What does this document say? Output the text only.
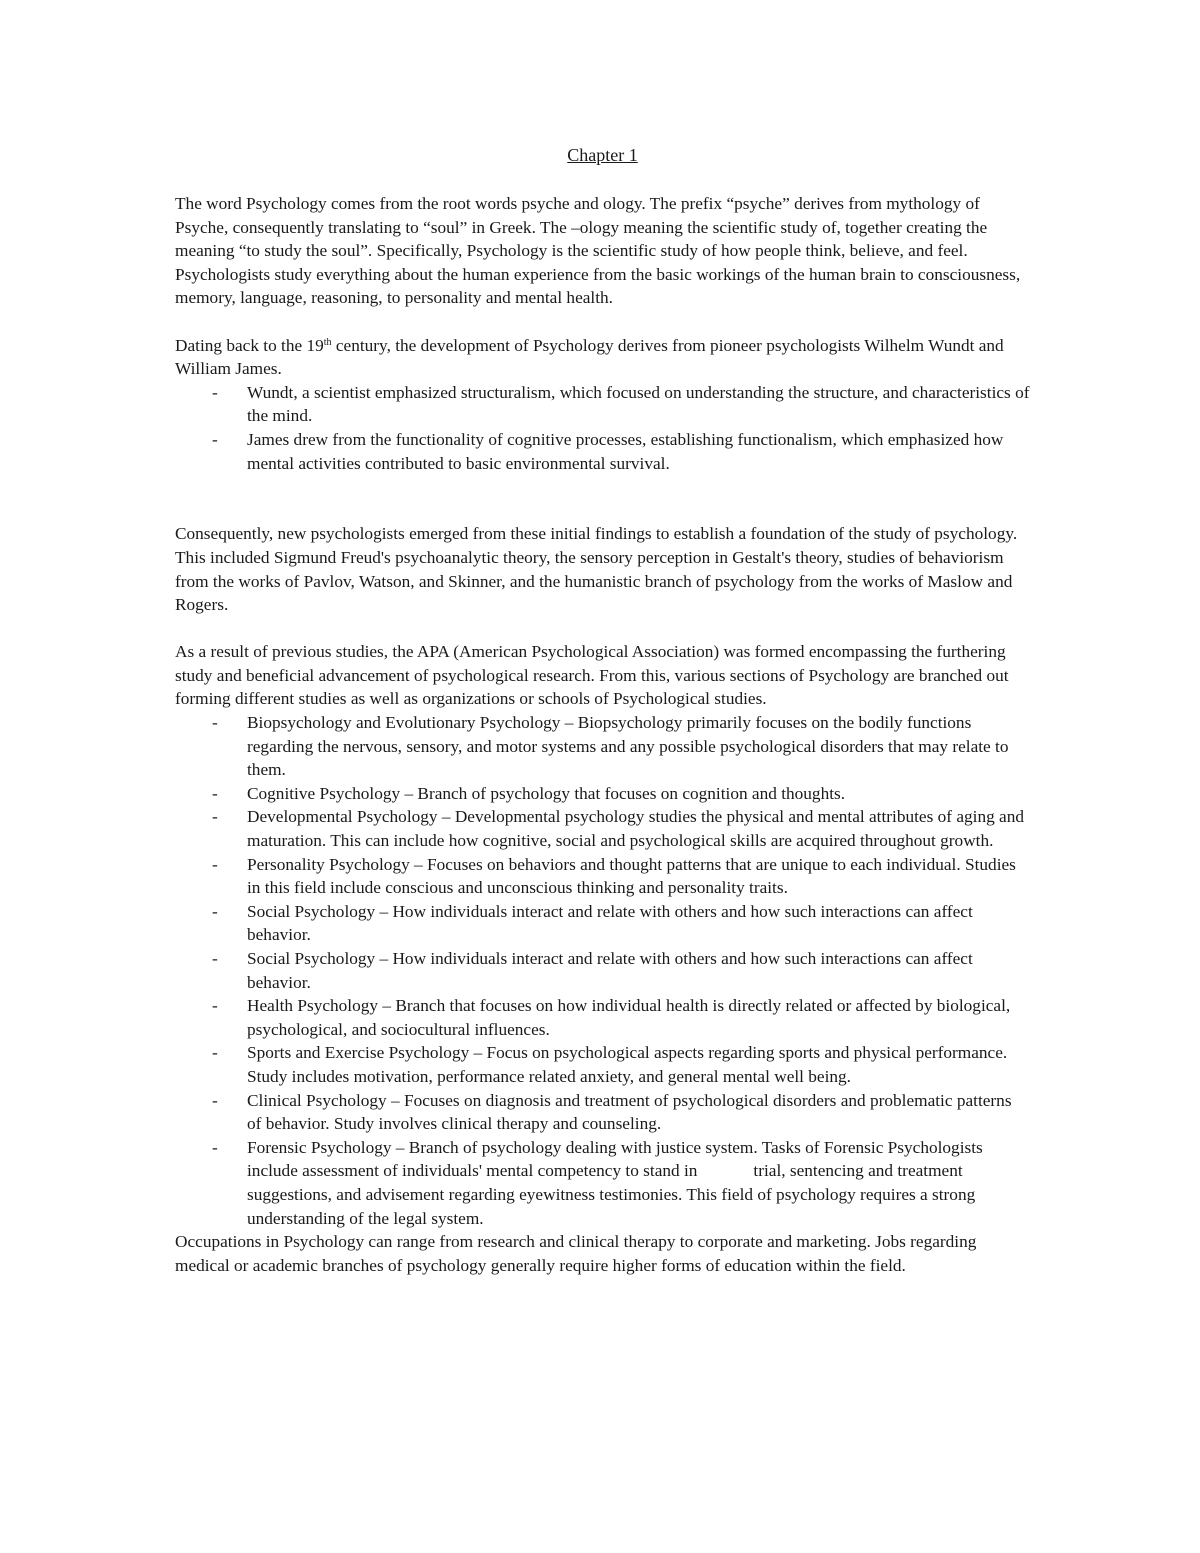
Chapter 1

The word Psychology comes from the root words psyche and ology. The prefix “psyche” derives from mythology of Psyche, consequently translating to “soul” in Greek. The –ology meaning the scientific study of, together creating the meaning “to study the soul”. Specifically, Psychology is the scientific study of how people think, believe, and feel. Psychologists study everything about the human experience from the basic workings of the human brain to consciousness, memory, language, reasoning, to personality and mental health.

Dating back to the 19th century, the development of Psychology derives from pioneer psychologists Wilhelm Wundt and William James.

- Wundt, a scientist emphasized structuralism, which focused on understanding the structure, and characteristics of the mind.
- James drew from the functionality of cognitive processes, establishing functionalism, which emphasized how mental activities contributed to basic environmental survival.

Consequently, new psychologists emerged from these initial findings to establish a foundation of the study of psychology. This included Sigmund Freud's psychoanalytic theory, the sensory perception in Gestalt's theory, studies of behaviorism from the works of Pavlov, Watson, and Skinner, and the humanistic branch of psychology from the works of Maslow and Rogers.

As a result of previous studies, the APA (American Psychological Association) was formed encompassing the furthering study and beneficial advancement of psychological research. From this, various sections of Psychology are branched out forming different studies as well as organizations or schools of Psychological studies.

- Biopsychology and Evolutionary Psychology – Biopsychology primarily focuses on the bodily functions regarding the nervous, sensory, and motor systems and any possible psychological disorders that may relate to them.
- Cognitive Psychology – Branch of psychology that focuses on cognition and thoughts.
- Developmental Psychology – Developmental psychology studies the physical and mental attributes of aging and maturation. This can include how cognitive, social and psychological skills are acquired throughout growth.
- Personality Psychology – Focuses on behaviors and thought patterns that are unique to each individual. Studies in this field include conscious and unconscious thinking and personality traits.
- Social Psychology – How individuals interact and relate with others and how such interactions can affect behavior.
- Social Psychology – How individuals interact and relate with others and how such interactions can affect behavior.
- Health Psychology – Branch that focuses on how individual health is directly related or affected by biological, psychological, and sociocultural influences.
- Sports and Exercise Psychology – Focus on psychological aspects regarding sports and physical performance. Study includes motivation, performance related anxiety, and general mental well being.
- Clinical Psychology – Focuses on diagnosis and treatment of psychological disorders and problematic patterns of behavior. Study involves clinical therapy and counseling.
- Forensic Psychology – Branch of psychology dealing with justice system. Tasks of Forensic Psychologists include assessment of individuals' mental competency to stand in	trial, sentencing and treatment suggestions, and advisement regarding eyewitness testimonies. This field of psychology requires a strong understanding of the legal system.

Occupations in Psychology can range from research and clinical therapy to corporate and marketing. Jobs regarding medical or academic branches of psychology generally require higher forms of education within the field.
